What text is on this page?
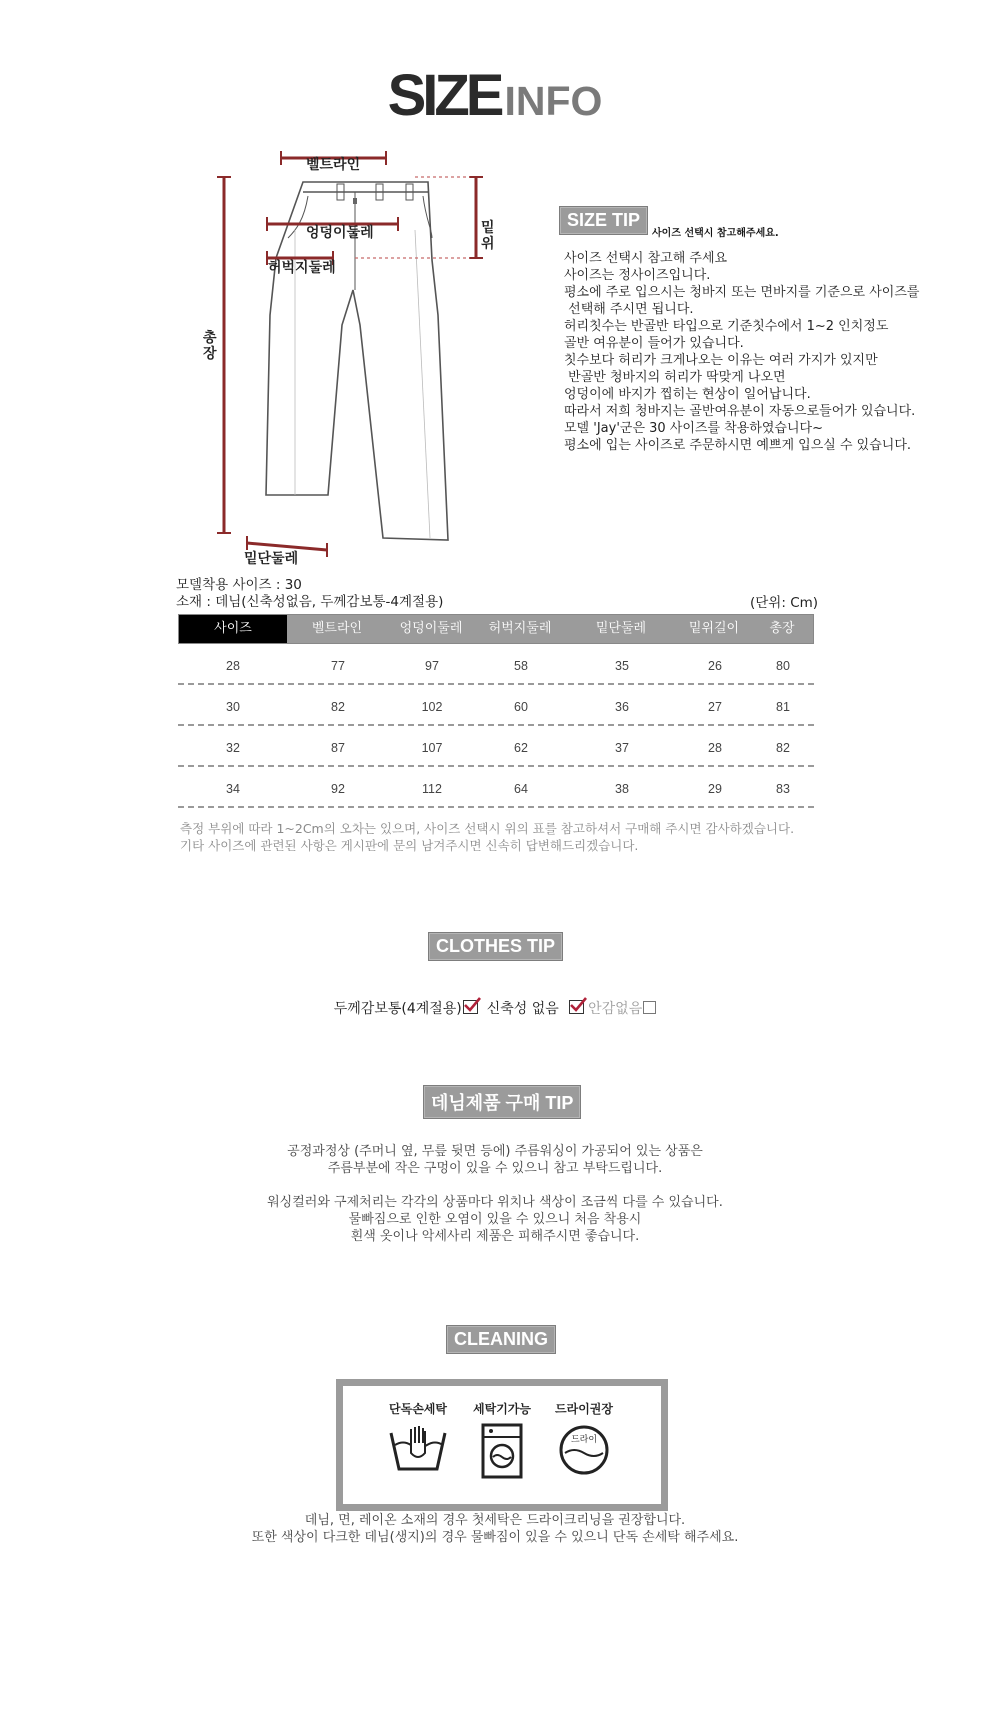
SIZEINFO
벨트라인
엉덩이둘레
허벅지둘레
밑위
총장
밑단둘레
SIZE TIP
사이즈 선택시 참고해주세요.

사이즈 선택시 참고해 주세요

사이즈는 정사이즈입니다.

평소에 주로 입으시는 청바지 또는 면바지를 기준으로 사이즈를

선택해 주시면 됩니다.

허리칫수는 반골반 타입으로 기준칫수에서 1~2 인치정도

골반 여유분이 들어가 있습니다.

칫수보다 허리가 크게나오는 이유는 여러 가지가 있지만

반골반 청바지의 허리가 딱맞게 나오면

엉덩이에 바지가 찝히는 현상이 일어납니다.

따라서 저희 청바지는 골반여유분이 자동으로들어가 있습니다.

모델 'Jay'군은 30 사이즈를 착용하였습니다~

평소에 입는 사이즈로 주문하시면 예쁘게 입으실 수 있습니다.

모델착용 사이즈 : 30
소재 : 데님(신축성없음, 두께감보통-4계절용)	(단위: Cm)
사이즈	벨트라인	엉덩이둘레	허벅지둘레	밑단둘레	밑위길이	총장
28	77	97	58	35	26	80
30	82	102	60	36	27	81
32	87	107	62	37	28	82
34	92	112	64	38	29	83
측정 부위에 따라 1~2Cm의 오차는 있으며, 사이즈 선택시 위의 표를 참고하셔서 구매해 주시면 감사하겠습니다.
기타 사이즈에 관련된 사항은 게시판에 문의 남겨주시면 신속히 답변해드리겠습니다.
CLOTHES TIP
두께감보통(4계절용) 신축성 없음 안감없음
데님제품 구매 TIP

공정과정상 (주머니 옆, 무릎 뒷면 등에) 주름워싱이 가공되어 있는 상품은

주름부분에 작은 구멍이 있을 수 있으니 참고 부탁드립니다.

워싱컬러와 구제처리는 각각의 상품마다 위치나 색상이 조금씩 다를 수 있습니다.

물빠짐으로 인한 오염이 있을 수 있으니 처음 착용시

흰색 옷이나 악세사리 제품은 피해주시면 좋습니다.

CLEANING
단독손세탁	세탁기가능	드라이권장
드라이

데님, 면, 레이온 소재의 경우 첫세탁은 드라이크리닝을 권장합니다.

또한 색상이 다크한 데님(생지)의 경우 물빠짐이 있을 수 있으니 단독 손세탁 해주세요.
